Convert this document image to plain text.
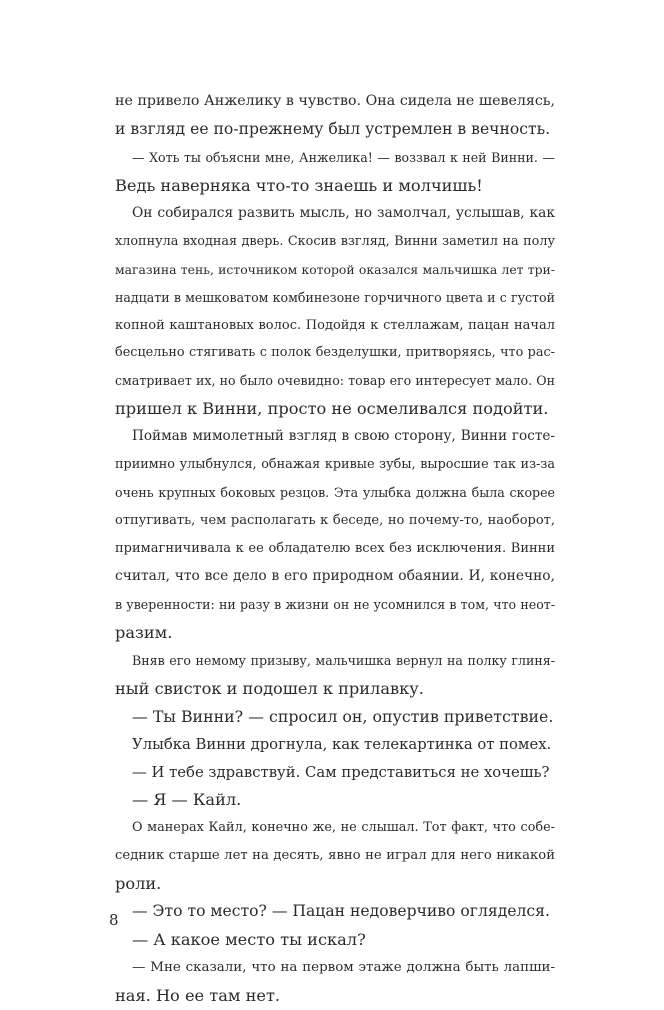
не привело Анжелику в чувство. Она сидела не шевелясь,
и взгляд ее по-прежнему был устремлен в вечность.
— Хоть ты объясни мне, Анжелика! — воззвал к ней Винни. —
Ведь наверняка что-то знаешь и молчишь!
Он собирался развить мысль, но замолчал, услышав, как
хлопнула входная дверь. Скосив взгляд, Винни заметил на полу
магазина тень, источником которой оказался мальчишка лет три-
надцати в мешковатом комбинезоне горчичного цвета и с густой
копной каштановых волос. Подойдя к стеллажам, пацан начал
бесцельно стягивать с полок безделушки, притворяясь, что рас-
сматривает их, но было очевидно: товар его интересует мало. Он
пришел к Винни, просто не осмеливался подойти.
Поймав мимолетный взгляд в свою сторону, Винни госте-
приимно улыбнулся, обнажая кривые зубы, выросшие так из-за
очень крупных боковых резцов. Эта улыбка должна была скорее
отпугивать, чем располагать к беседе, но почему-то, наоборот,
примагничивала к ее обладателю всех без исключения. Винни
считал, что все дело в его природном обаянии. И, конечно,
в уверенности: ни разу в жизни он не усомнился в том, что неот-
разим.
Вняв его немому призыву, мальчишка вернул на полку глиня-
ный свисток и подошел к прилавку.
— Ты Винни? — спросил он, опустив приветствие.
Улыбка Винни дрогнула, как телекартинка от помех.
— И тебе здравствуй. Сам представиться не хочешь?
— Я — Кайл.
О манерах Кайл, конечно же, не слышал. Тот факт, что собе-
седник старше лет на десять, явно не играл для него никакой
роли.
— Это то место? — Пацан недоверчиво огляделся.
— А какое место ты искал?
— Мне сказали, что на первом этаже должна быть лапши-
ная. Но ее там нет.
8
